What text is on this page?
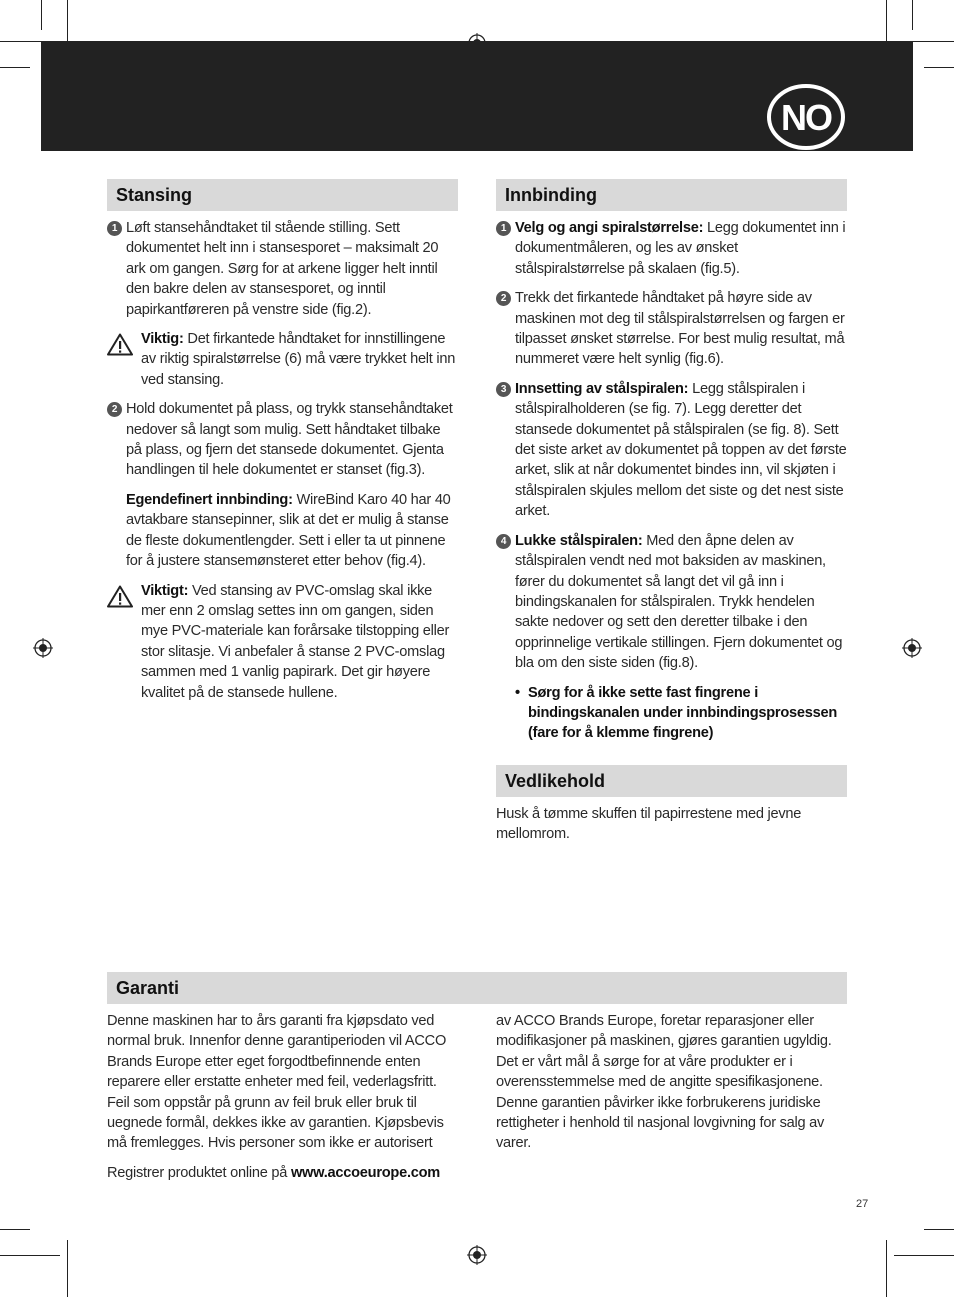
NO
Stansing
1 Løft stansehåndtaket til stående stilling. Sett dokumentet helt inn i stansesporet – maksimalt 20 ark om gangen. Sørg for at arkene ligger helt inntil den bakre delen av stansesporet, og inntil papirkantføreren på venstre side (fig.2).
Viktig: Det firkantede håndtaket for innstillingene av riktig spiralstørrelse (6) må være trykket helt inn ved stansing.
2 Hold dokumentet på plass, og trykk stansehåndtaket nedover så langt som mulig. Sett håndtaket tilbake på plass, og fjern det stansede dokumentet. Gjenta handlingen til hele dokumentet er stanset (fig.3).
Egendefinert innbinding: WireBind Karo 40 har 40 avtakbare stansepinner, slik at det er mulig å stanse de fleste dokumentlengder. Sett i eller ta ut pinnene for å justere stansemønsteret etter behov (fig.4).
Viktigt: Ved stansing av PVC-omslag skal ikke mer enn 2 omslag settes inn om gangen, siden mye PVC-materiale kan forårsake tilstopping eller stor slitasje. Vi anbefaler å stanse 2 PVC-omslag sammen med 1 vanlig papirark. Det gir høyere kvalitet på de stansede hullene.
Innbinding
1 Velg og angi spiralstørrelse: Legg dokumentet inn i dokumentmåleren, og les av ønsket stålspiralstørrelse på skalaen (fig.5).
2 Trekk det firkantede håndtaket på høyre side av maskinen mot deg til stålspiralstørrelsen og fargen er tilpasset ønsket størrelse. For best mulig resultat, må nummeret være helt synlig (fig.6).
3 Innsetting av stålspiralen: Legg stålspiralen i stålspiralholderen (se fig. 7). Legg deretter det stansede dokumentet på stålspiralen (se fig. 8). Sett det siste arket av dokumentet på toppen av det første arket, slik at når dokumentet bindes inn, vil skjøten i stålspiralen skjules mellom det siste og det nest siste arket.
4 Lukke stålspiralen: Med den åpne delen av stålspiralen vendt ned mot baksiden av maskinen, fører du dokumentet så langt det vil gå inn i bindingskanalen for stålspiralen. Trykk hendelen sakte nedover og sett den deretter tilbake i den opprinnelige vertikale stillingen. Fjern dokumentet og bla om den siste siden (fig.8).
• Sørg for å ikke sette fast fingrene i bindingskanalen under innbindingsprosessen (fare for å klemme fingrene)
Vedlikehold

Husk å tømme skuffen til papirrestene med jevne mellomrom.

Garanti

Denne maskinen har to års garanti fra kjøpsdato ved normal bruk. Innenfor denne garantiperioden vil ACCO Brands Europe etter eget forgodtbefinnende enten reparere eller erstatte enheter med feil, vederlagsfritt. Feil som oppstår på grunn av feil bruk eller bruk til uegnede formål, dekkes ikke av garantien. Kjøpsbevis må fremlegges. Hvis personer som ikke er autorisert

Registrer produktet online på www.accoeurope.com

av ACCO Brands Europe, foretar reparasjoner eller modifikasjoner på maskinen, gjøres garantien ugyldig. Det er vårt mål å sørge for at våre produkter er i overensstemmelse med de angitte spesifikasjonene. Denne garantien påvirker ikke forbrukerens juridiske rettigheter i henhold til nasjonal lovgivning for salg av varer.

27
